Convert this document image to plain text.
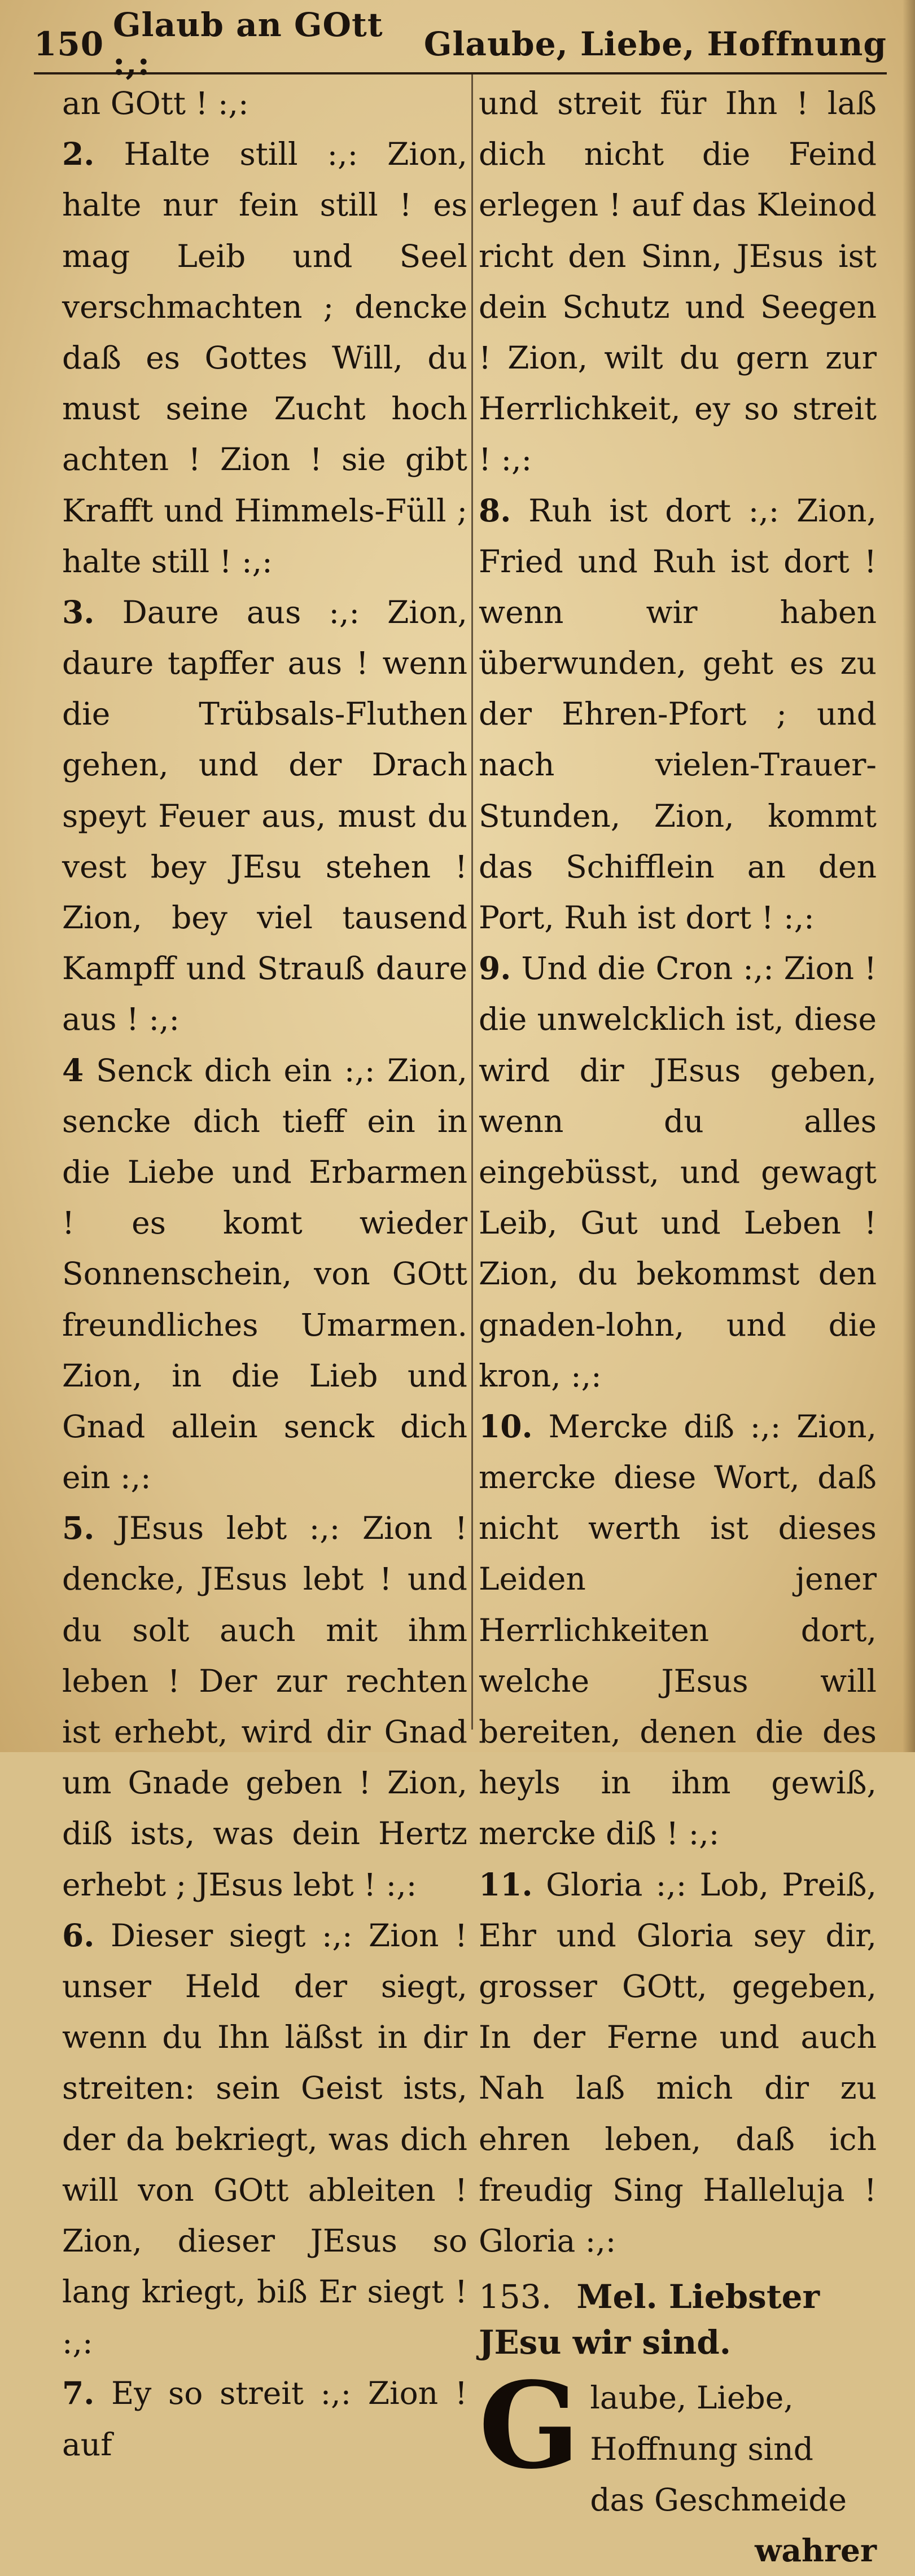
150 Glaub an GOtt :,:	Glaube, Liebe, Hoffnung

an GOtt ! :,:

2. Halte still :,: Zion, halte nur fein still ! es mag Leib und Seel verschmachten ; dencke daß es Gottes Will, du must seine Zucht hoch achten ! Zion ! sie gibt Krafft und Himmels-Füll ; halte still ! :,:

3. Daure aus :,: Zion, daure tapffer aus ! wenn die Trübsals-Fluthen gehen, und der Drach speyt Feuer aus, must du vest bey JEsu stehen ! Zion, bey viel tausend Kampff und Strauß daure aus ! :,:

4 Senck dich ein :,: Zion, sencke dich tieff ein in die Liebe und Erbarmen ! es komt wieder Sonnenschein, von GOtt freundliches Umarmen. Zion, in die Lieb und Gnad allein senck dich ein :,:

5. JEsus lebt :,: Zion ! dencke, JEsus lebt ! und du solt auch mit ihm leben ! Der zur rechten ist erhebt, wird dir Gnad um Gnade geben ! Zion, diß ists, was dein Hertz erhebt ; JEsus lebt ! :,:

6. Dieser siegt :,: Zion ! unser Held der siegt, wenn du Ihn läßst in dir streiten: sein Geist ists, der da bekriegt, was dich will von GOtt ableiten ! Zion, dieser JEsus so lang kriegt, biß Er siegt ! :,:

7. Ey so streit :,: Zion ! auf

und streit für Ihn ! laß dich nicht die Feind erlegen ! auf das Kleinod richt den Sinn, JEsus ist dein Schutz und Seegen ! Zion, wilt du gern zur Herrlichkeit, ey so streit ! :,:

8. Ruh ist dort :,: Zion, Fried und Ruh ist dort ! wenn wir haben überwunden, geht es zu der Ehren-Pfort ; und nach vielen-Trauer-Stunden, Zion, kommt das Schifflein an den Port, Ruh ist dort ! :,:

9. Und die Cron :,: Zion ! die unwelcklich ist, diese wird dir JEsus geben, wenn du alles eingebüsst, und gewagt Leib, Gut und Leben ! Zion, du bekommst den gnaden-lohn, und die kron, :,:

10. Mercke diß :,: Zion, mercke diese Wort, daß nicht werth ist dieses Leiden jener Herrlichkeiten dort, welche JEsus will bereiten, denen die des heyls in ihm gewiß, mercke diß ! :,:

11. Gloria :,: Lob, Preiß, Ehr und Gloria sey dir, grosser GOtt, gegeben, In der Ferne und auch Nah laß mich dir zu ehren leben, daß ich freudig Sing Halleluja ! Gloria :,:

153. Mel. Liebster JEsu wir sind.

G laube, Liebe, Hoffnung sind das Geschmeide
wahrer
